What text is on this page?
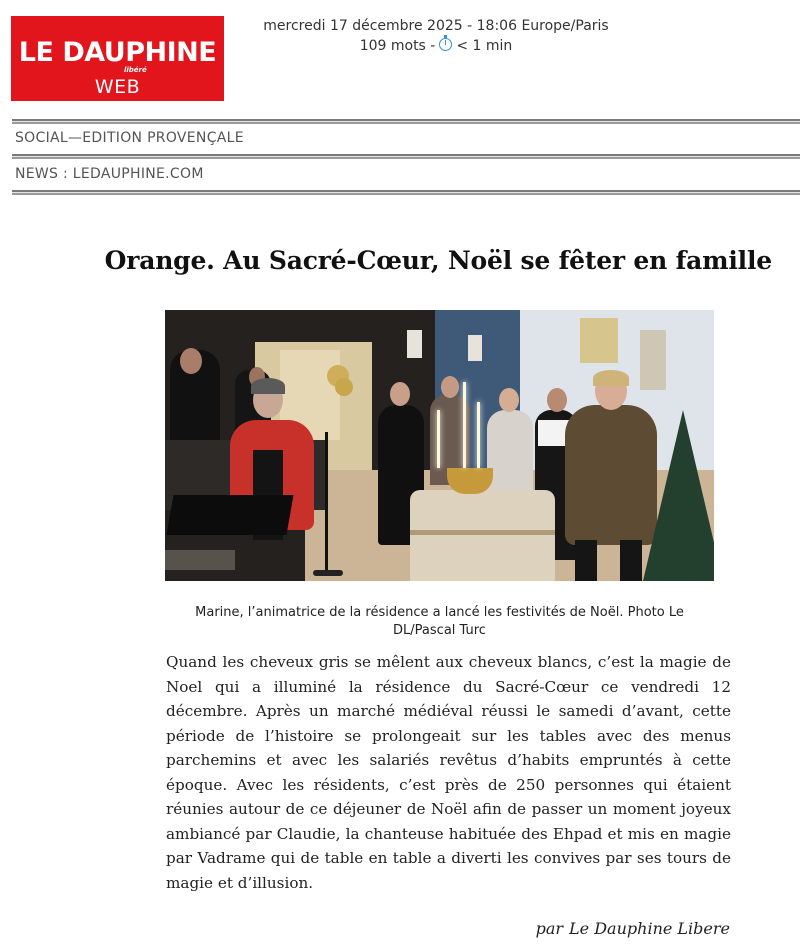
LE DAUPHINE
libéré
WEB
mercredi 17 décembre 2025 - 18:06 Europe/Paris
109 mots - < 1 min
SOCIAL—EDITION PROVENÇALE
NEWS : LEDAUPHINE.COM
Orange. Au Sacré-Cœur, Noël se fêter en famille
Marine, l’animatrice de la résidence a lancé les festivités de Noël. Photo Le DL/Pascal Turc

Quand les cheveux gris se mêlent aux cheveux blancs, c’est la magie de Noel qui a illuminé la résidence du Sacré-Cœur ce vendredi 12 décembre. Après un marché médiéval réussi le samedi d’avant, cette période de l’histoire se prolongeait sur les tables avec des menus parchemins et avec les salariés revêtus d’habits empruntés à cette époque. Avec les résidents, c’est près de 250 personnes qui étaient réunies autour de ce déjeuner de Noël afin de passer un moment joyeux ambiancé par Claudie, la chanteuse habituée des Ehpad et mis en magie par Vadrame qui de table en table a diverti les convives par ses tours de magie et d’illusion.

par Le Dauphine Libere
